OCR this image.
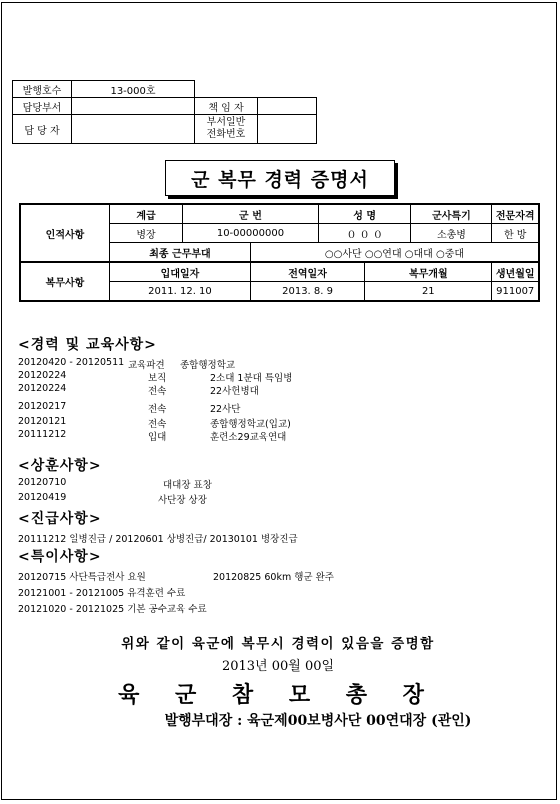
발행호수	13-000호		
담당부서		책 임 자	
담 당 자		부서일반
전화번호	

군 복무 경력 증명서
인적사항	계급	군 번		성 명		군사특기	전문자격
	병장	10-00000000		０ ０ ０		소총병	한 방
	최종 근무부대		○○사단 ○○연대 ○대대 ○중대				
복무사항	입대일자		전역일자		복무개월		생년월일
	2011. 12. 10		2013. 8. 9		21		911007
<경력 및 교육사항>
20120420 - 20120511 교육파견 종합행정학교
20120224	보직	2소대 1분대 특임병
20120224	전속	22사헌병대
20120217	전속	22사단
20120121	전속	종합행정학교(입교)
20111212	입대	훈련소29교육연대
<상훈사항>
20120710	대대장 표창
20120419	사단장 상장
<진급사항>
20111212 일병진급 / 20120601 상병진급/ 20130101 병장진급
<특이사항>
20120715 사단특급전사 요원	20120825 60km 행군 완주
20121001 - 20121005 유격훈련 수료
20121020 - 20121025 기본 공수교육 수료
위와 같이 육군에 복무시 경력이 있음을 증명함
2013년 00월 00일
육 군 참 모 총 장
발행부대장 : 육군제00보병사단 00연대장 (관인)
